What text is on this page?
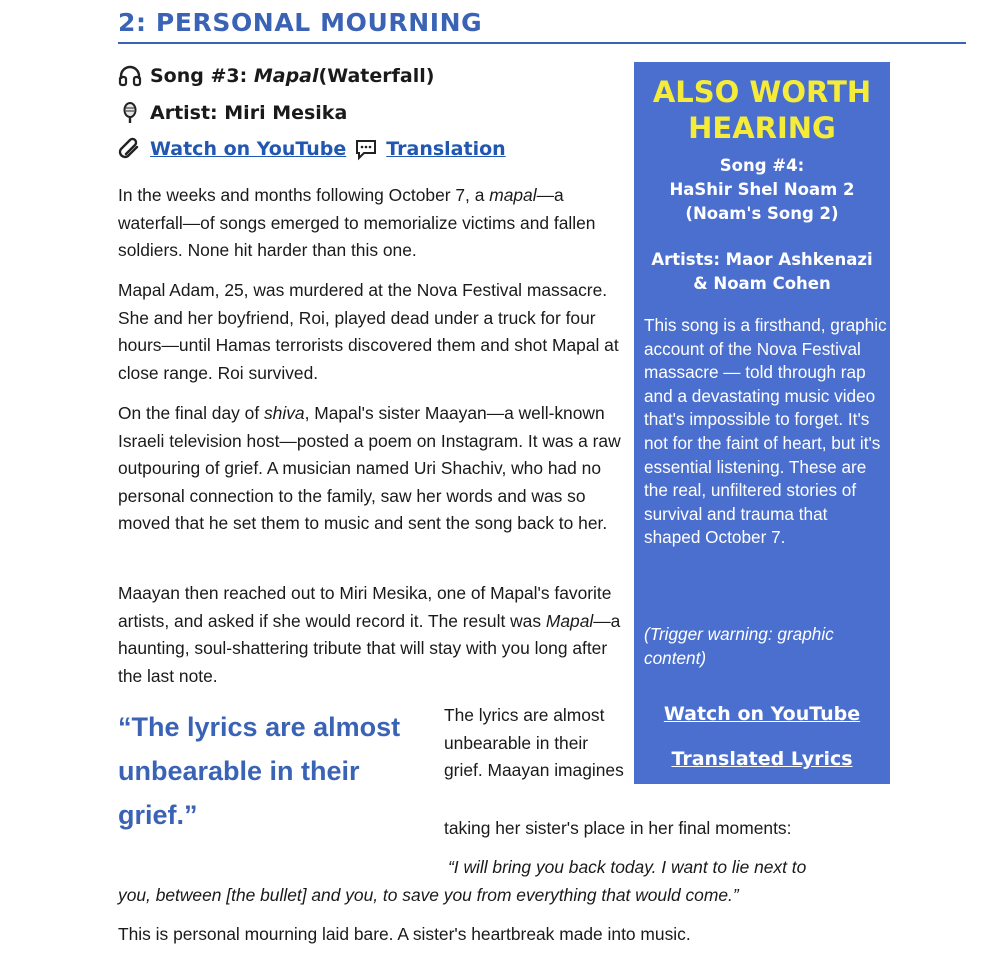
2: PERSONAL MOURNING
Song #3:
Mapal (Waterfall)
Artist: Miri Mesika
Watch on YouTube Translation

In the weeks and months following October 7, a mapal—a waterfall—of songs emerged to memorialize victims and fallen soldiers. None hit harder than this one.

Mapal Adam, 25, was murdered at the Nova Festival massacre. She and her boyfriend, Roi, played dead under a truck for four hours—until Hamas terrorists discovered them and shot Mapal at close range. Roi survived.

On the final day of shiva, Mapal's sister Maayan—a well-known Israeli television host—posted a poem on Instagram. It was a raw outpouring of grief. A musician named Uri Shachiv, who had no personal connection to the family, saw her words and was so moved that he set them to music and sent the song back to her.

Maayan then reached out to Miri Mesika, one of Mapal's favorite artists, and asked if she would record it. The result was Mapal—a haunting, soul-shattering tribute that will stay with you long after the last note.

“The lyrics are almost unbearable in their grief.”

The lyrics are almost unbearable in their grief. Maayan imagines

taking her sister's place in her final moments:

“I will bring you back today. I want to lie next to
you, between [the bullet] and you, to save you from everything that would come.”

This is personal mourning laid bare. A sister's heartbreak made into music.

ALSO WORTH HEARING

Song #4:

HaShir Shel Noam 2

(Noam's Song 2)

Artists: Maor Ashkenazi

& Noam Cohen

This song is a firsthand, graphic account of the Nova Festival massacre — told through rap and a devastating music video that's impossible to forget. It's not for the faint of heart, but it's essential listening. These are the real, unfiltered stories of survival and trauma that shaped October 7.

(Trigger warning: graphic content)

Watch on YouTube
Translated Lyrics
